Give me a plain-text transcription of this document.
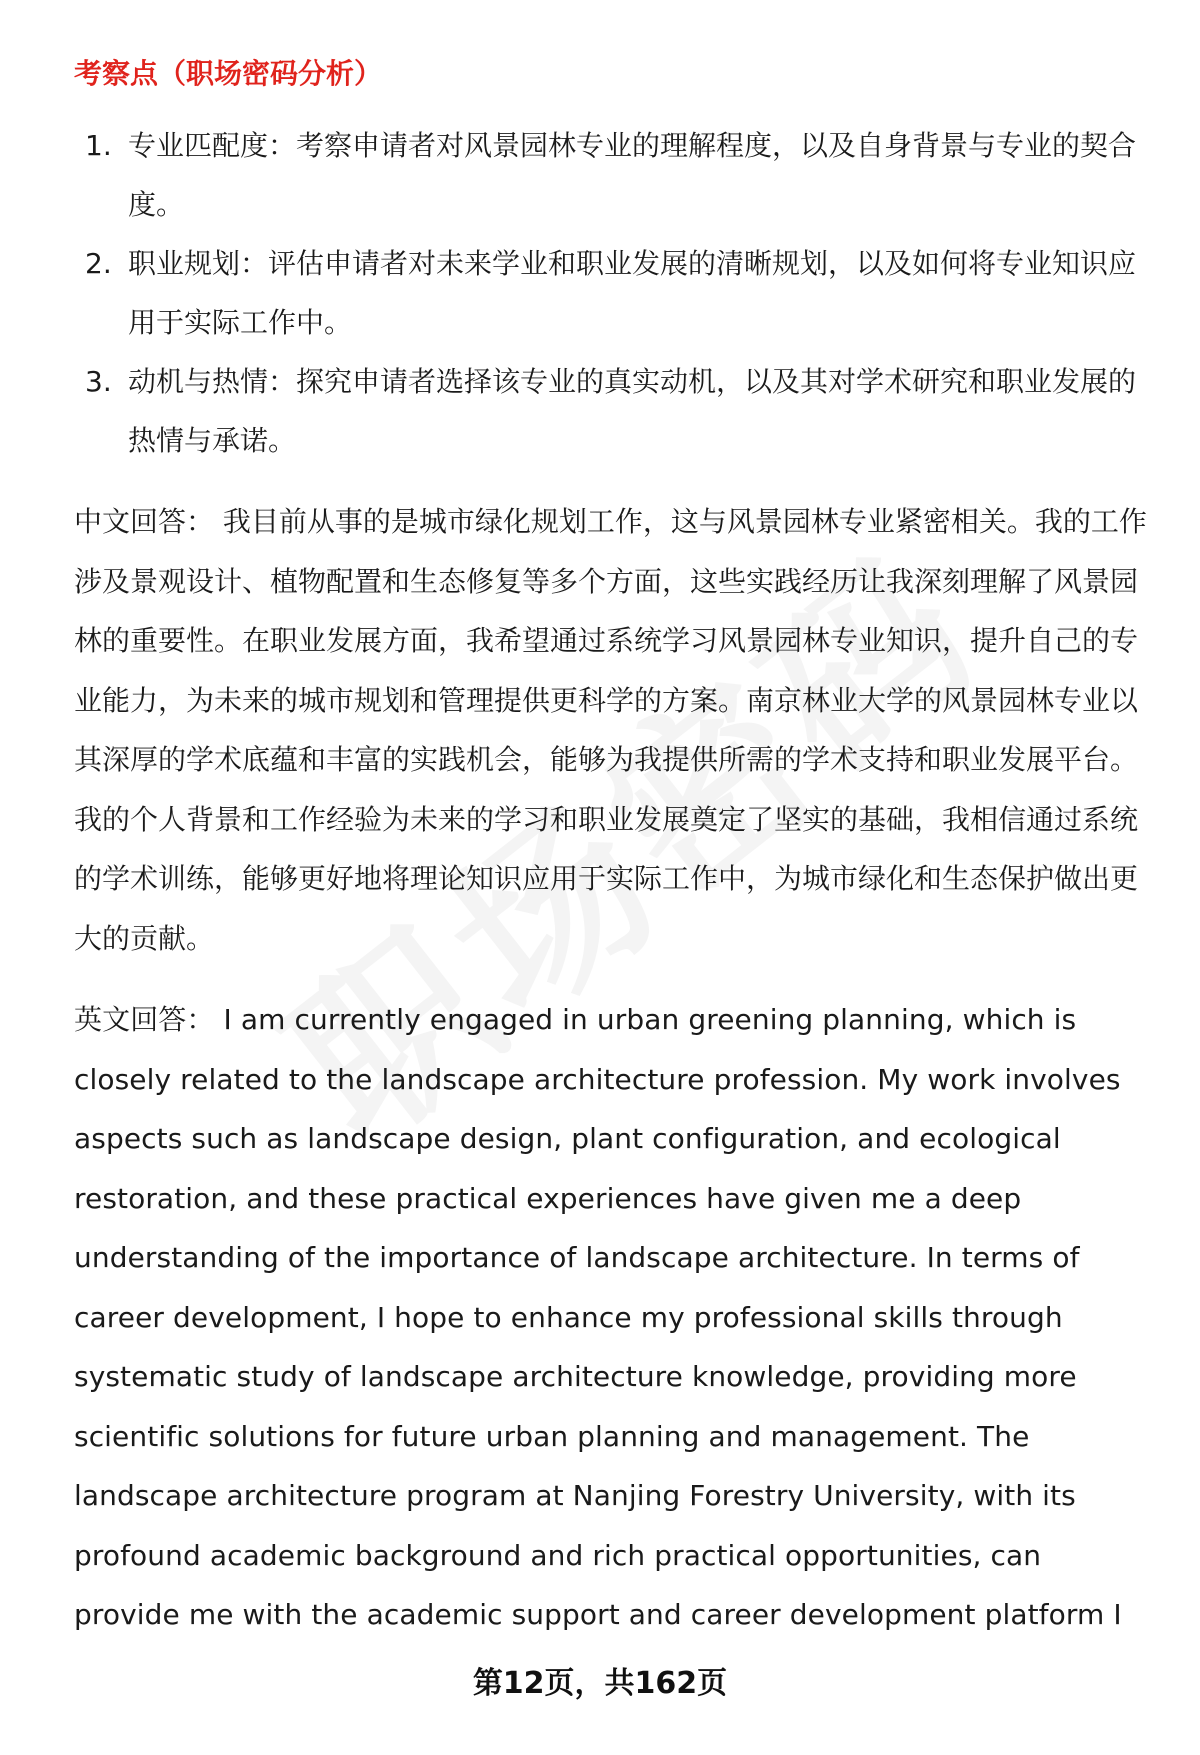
考察点（职场密码分析）
1. 专业匹配度：考察申请者对风景园林专业的理解程度，以及自身背景与专业的契合度。
2. 职业规划：评估申请者对未来学业和职业发展的清晰规划，以及如何将专业知识应用于实际工作中。
3. 动机与热情：探究申请者选择该专业的真实动机，以及其对学术研究和职业发展的热情与承诺。

中文回答： 我目前从事的是城市绿化规划工作，这与风景园林专业紧密相关。我的工作涉及景观设计、植物配置和生态修复等多个方面，这些实践经历让我深刻理解了风景园林的重要性。在职业发展方面，我希望通过系统学习风景园林专业知识，提升自己的专业能力，为未来的城市规划和管理提供更科学的方案。南京林业大学的风景园林专业以其深厚的学术底蕴和丰富的实践机会，能够为我提供所需的学术支持和职业发展平台。我的个人背景和工作经验为未来的学习和职业发展奠定了坚实的基础，我相信通过系统的学术训练，能够更好地将理论知识应用于实际工作中，为城市绿化和生态保护做出更大的贡献。

英文回答： I am currently engaged in urban greening planning, which is closely related to the landscape architecture profession. My work involves aspects such as landscape design, plant configuration, and ecological restoration, and these practical experiences have given me a deep understanding of the importance of landscape architecture. In terms of career development, I hope to enhance my professional skills through systematic study of landscape architecture knowledge, providing more scientific solutions for future urban planning and management. The landscape architecture program at Nanjing Forestry University, with its profound academic background and rich practical opportunities, can provide me with the academic support and career development platform I

第12页，共162页
